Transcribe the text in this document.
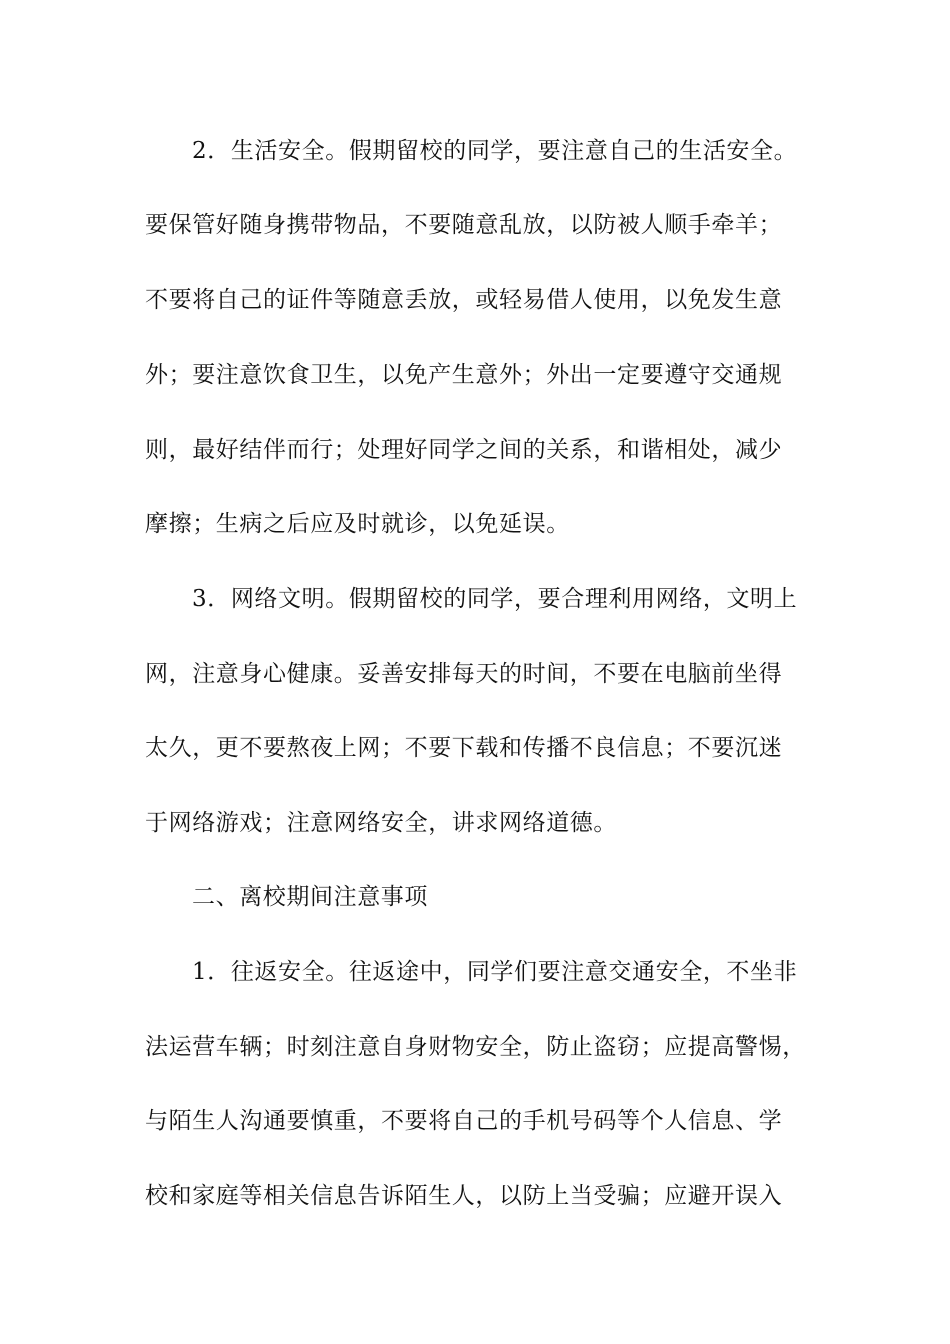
2．生活安全。假期留校的同学，要注意自己的生活安全。
要保管好随身携带物品，不要随意乱放，以防被人顺手牵羊；
不要将自己的证件等随意丢放，或轻易借人使用，以免发生意
外；要注意饮食卫生，以免产生意外；外出一定要遵守交通规
则，最好结伴而行；处理好同学之间的关系，和谐相处，减少
摩擦；生病之后应及时就诊，以免延误。
3．网络文明。假期留校的同学，要合理利用网络，文明上
网，注意身心健康。妥善安排每天的时间，不要在电脑前坐得
太久，更不要熬夜上网；不要下载和传播不良信息；不要沉迷
于网络游戏；注意网络安全，讲求网络道德。
二、离校期间注意事项
1．往返安全。往返途中，同学们要注意交通安全，不坐非
法运营车辆；时刻注意自身财物安全，防止盗窃；应提高警惕，
与陌生人沟通要慎重，不要将自己的手机号码等个人信息、学
校和家庭等相关信息告诉陌生人，以防上当受骗；应避开误入
